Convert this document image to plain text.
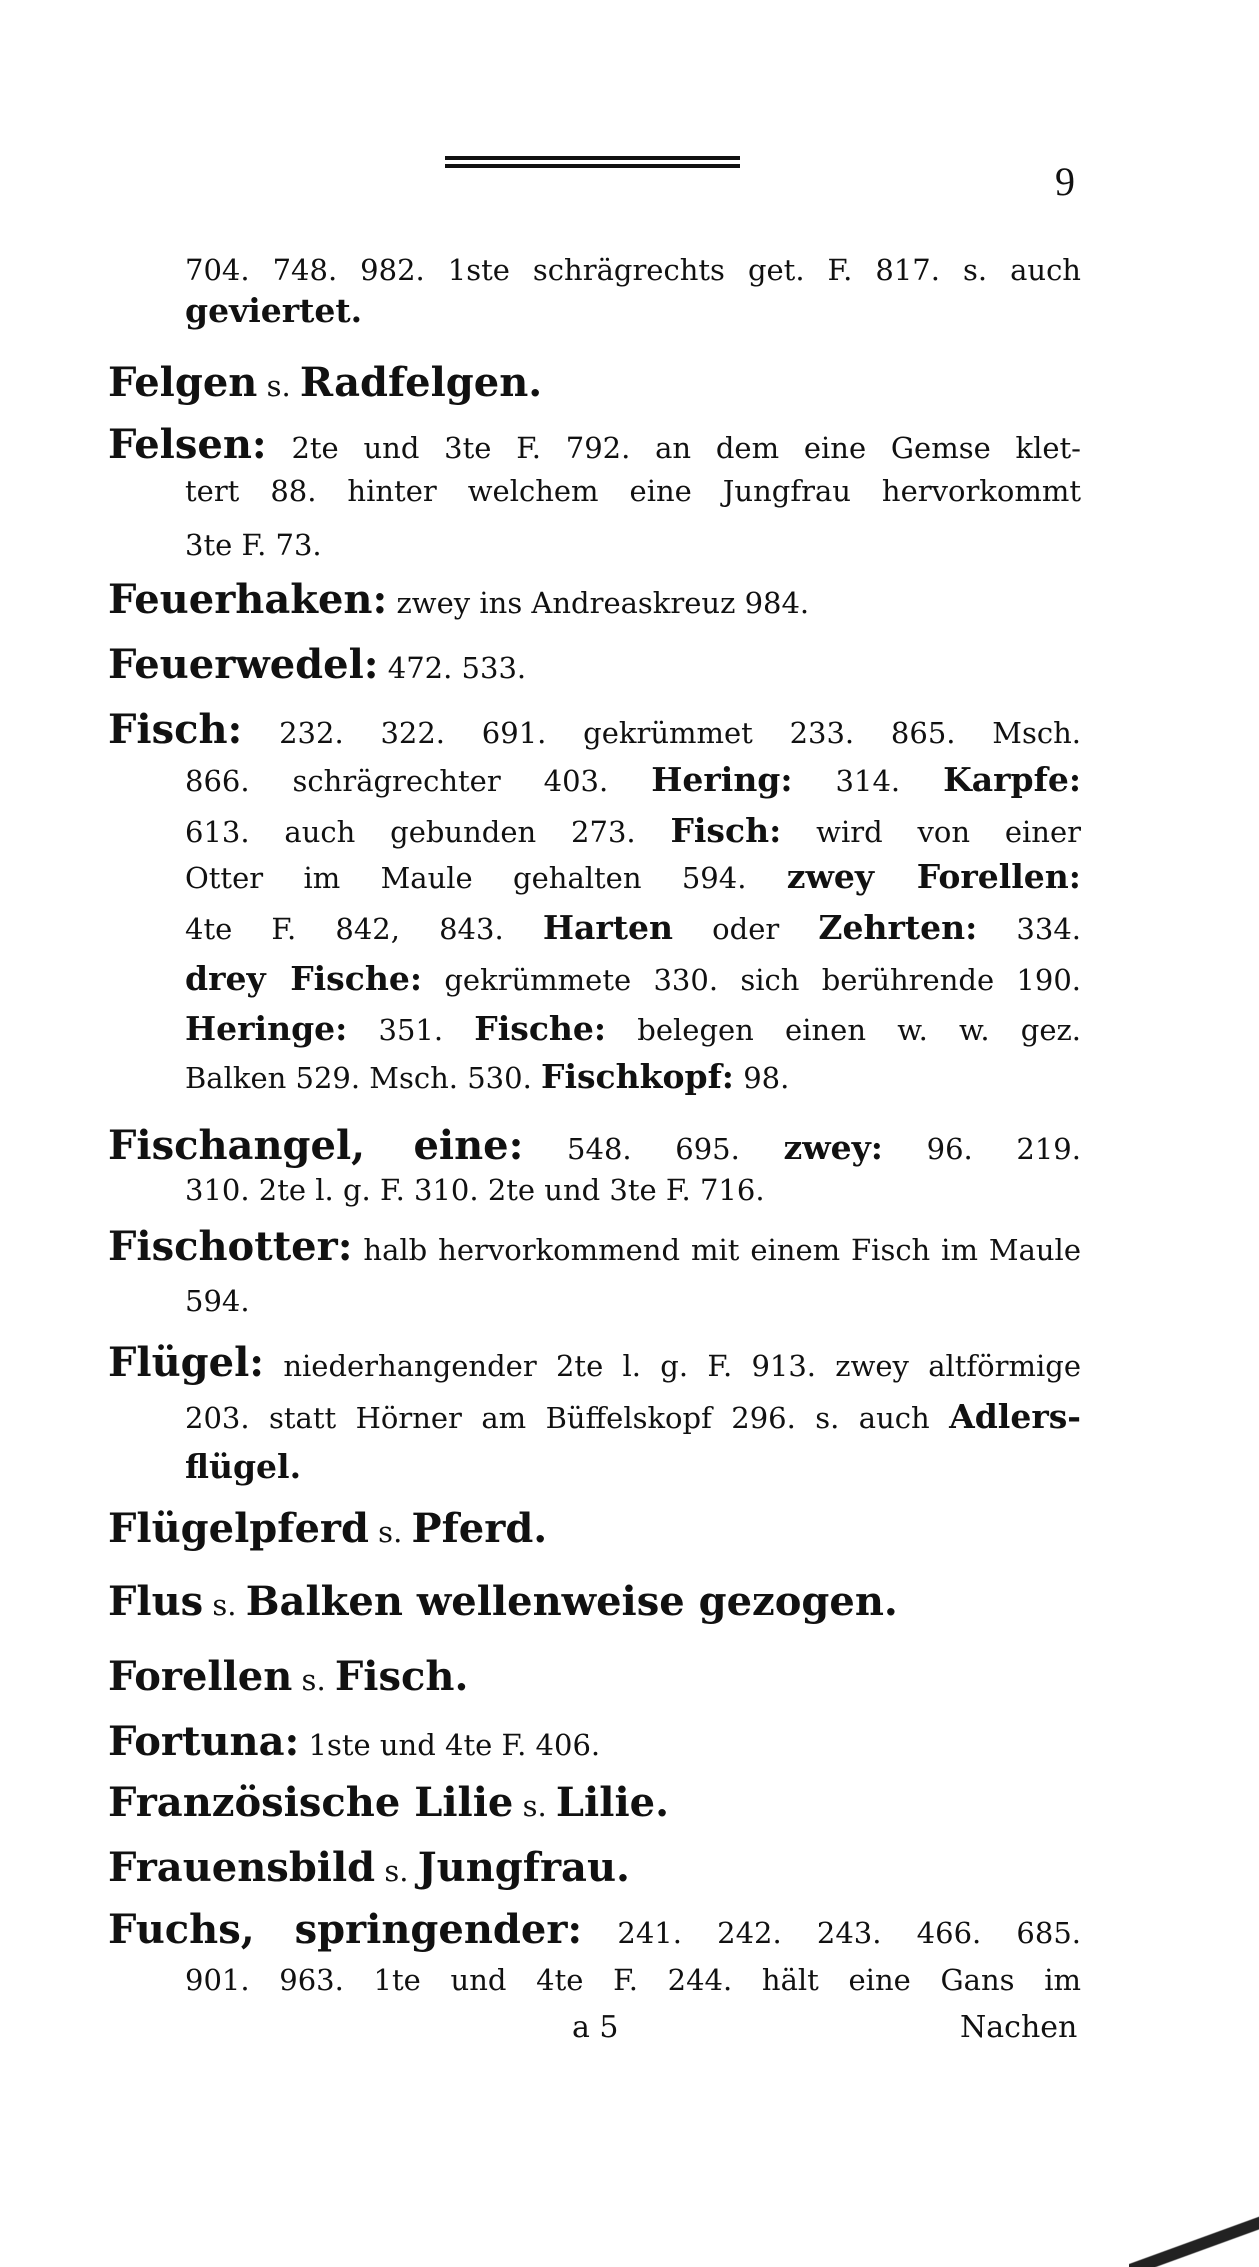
9
704. 748. 982. 1ste schrägrechts get. F. 817. s. auch
geviertet.
Felgen s. Radfelgen.
Felsen: 2te und 3te F. 792. an dem eine Gemse klet-
tert 88. hinter welchem eine Jungfrau hervorkommt
3te F. 73.
Feuerhaken: zwey ins Andreaskreuz 984.
Feuerwedel: 472. 533.
Fisch: 232. 322. 691. gekrümmet 233. 865. Msch.
866. schrägrechter 403. Hering: 314. Karpfe:
613. auch gebunden 273. Fisch: wird von einer
Otter im Maule gehalten 594. zwey Forellen:
4te F. 842, 843. Harten oder Zehrten: 334.
drey Fische: gekrümmete 330. sich berührende 190.
Heringe: 351. Fische: belegen einen w. w. gez.
Balken 529. Msch. 530. Fischkopf: 98.
Fischangel, eine: 548. 695. zwey: 96. 219.
310. 2te l. g. F. 310. 2te und 3te F. 716.
Fischotter: halb hervorkommend mit einem Fisch im Maule
594.
Flügel: niederhangender 2te l. g. F. 913. zwey altförmige
203. statt Hörner am Büffelskopf 296. s. auch Adlers-
flügel.
Flügelpferd s. Pferd.
Flus s. Balken wellenweise gezogen.
Forellen s. Fisch.
Fortuna: 1ste und 4te F. 406.
Französische Lilie s. Lilie.
Frauensbild s. Jungfrau.
Fuchs, springender: 241. 242. 243. 466. 685.
901. 963. 1te und 4te F. 244. hält eine Gans im
a 5	Nachen
